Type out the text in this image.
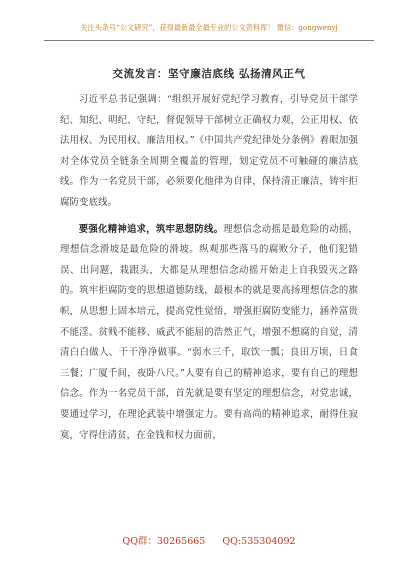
关注头条号“公文研究”，获得最新最全最专业的公文资料库！ 微信：gongwenyj
交流发言：坚守廉洁底线 弘扬清风正气

习近平总书记强调：“组织开展好党纪学习教育，引导党员干部学纪、知纪、明纪、守纪，督促领导干部树立正确权力观，公正用权、依法用权、为民用权、廉洁用权。”《中国共产党纪律处分条例》着眼加强对全体党员全链条全周期全覆盖的管理，划定党员不可触碰的廉洁底线。作为一名党员干部，必须要化他律为自律，保持清正廉洁，铸牢拒腐防变底线。

要强化精神追求，筑牢思想防线。理想信念动摇是最危险的动摇，理想信念滑坡是最危险的滑坡。纵观那些落马的腐败分子，他们犯错误、出问题，栽跟头，大都是从理想信念动摇开始走上自我毁灭之路的。筑牢拒腐防变的思想道德防线，最根本的就是要高扬理想信念的旗帜，从思想上固本培元，提高党性觉悟，增强拒腐防变能力，涵养富贵不能淫、贫贱不能移、威武不能屈的浩然正气，增强不想腐的自觉，清清白白做人、干干净净做事。“弱水三千，取饮一瓢；良田万顷，日食三餐；广厦千间，夜卧八尺。”人要有自己的精神追求，要有自己的理想信念。作为一名党员干部，首先就是要有坚定的理想信念，对党忠诚，要通过学习，在理论武装中增强定力。要有高尚的精神追求，耐得住寂寞，守得住清贫，在金钱和权力面前，

QQ群：30265665 QQ:535304092
